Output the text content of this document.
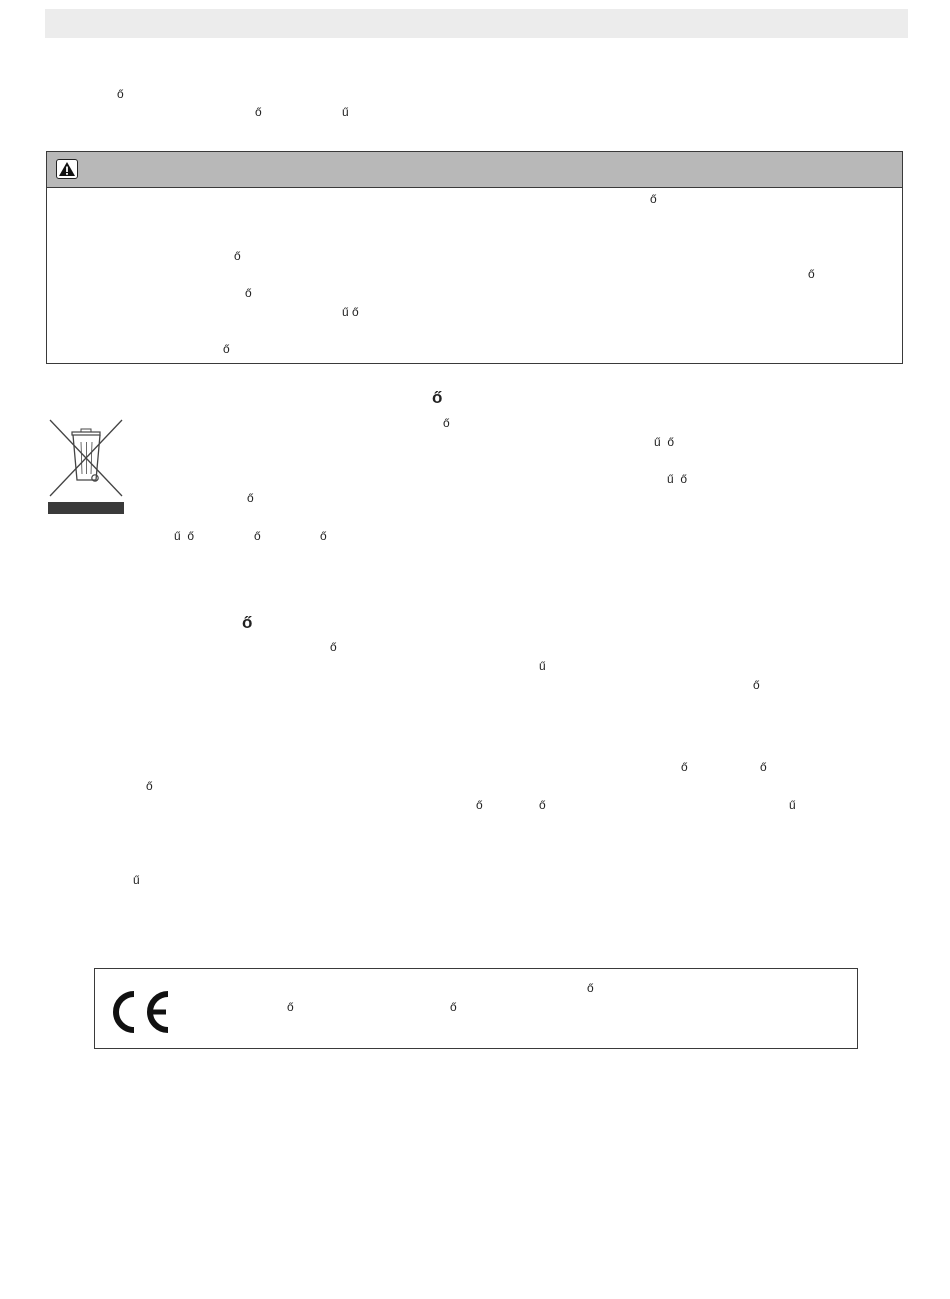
ő
ő	ű
ő
ő
ő
ő
ű ő
ő
ő
ő
ű  ő
ű  ő
ő
ű  ő	ő	ő
ő
ő
ű
ő
ő	ő
ő
ő	ő	ű
ű
ő
ő	ő
